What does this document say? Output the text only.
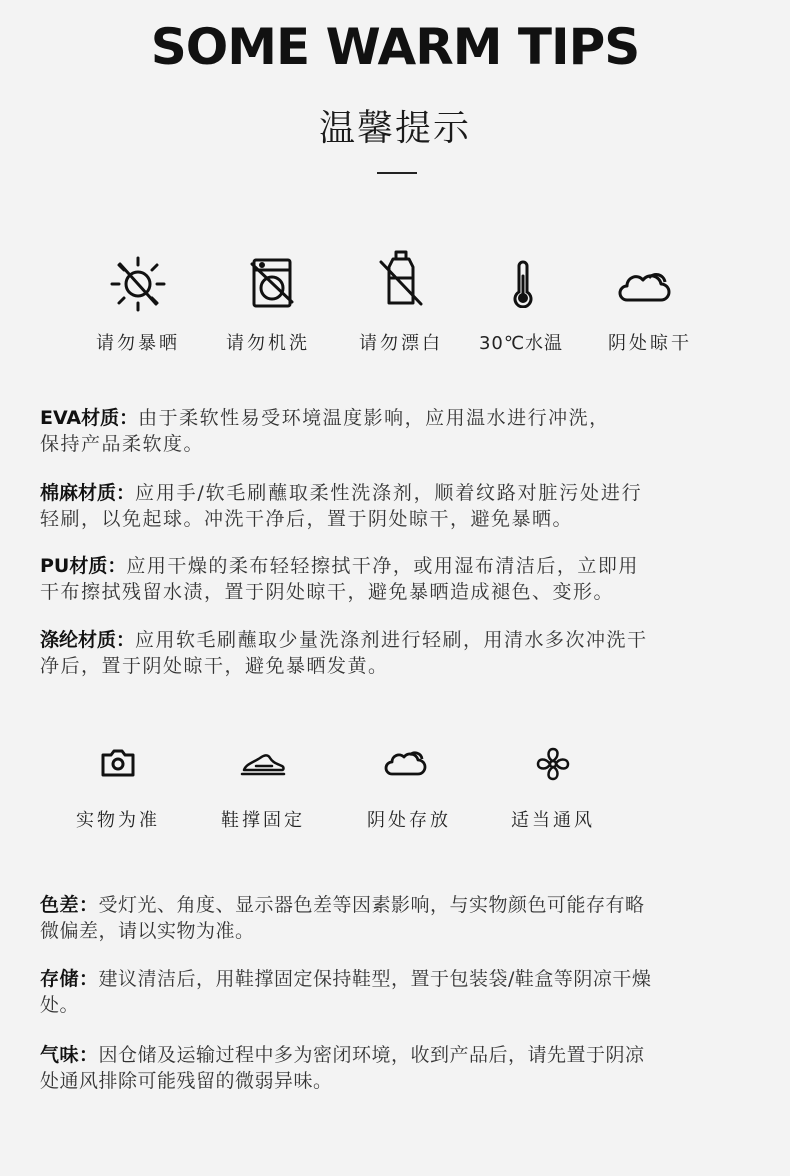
SOME WARM TIPS
温馨提示
请勿暴晒	请勿机洗	请勿漂白	30℃水温	阴处晾干
EVA材质：由于柔软性易受环境温度影响，应用温水进行冲洗，
保持产品柔软度。
棉麻材质：应用手/软毛刷蘸取柔性洗涤剂，顺着纹路对脏污处进行
轻刷，以免起球。冲洗干净后，置于阴处晾干，避免暴晒。
PU材质：应用干燥的柔布轻轻擦拭干净，或用湿布清洁后，立即用
干布擦拭残留水渍，置于阴处晾干，避免暴晒造成褪色、变形。
涤纶材质：应用软毛刷蘸取少量洗涤剂进行轻刷，用清水多次冲洗干
净后，置于阴处晾干，避免暴晒发黄。
实物为准	鞋撑固定	阴处存放	适当通风
色差：受灯光、角度、显示器色差等因素影响，与实物颜色可能存有略
微偏差，请以实物为准。
存储：建议清洁后，用鞋撑固定保持鞋型，置于包装袋/鞋盒等阴凉干燥
处。
气味：因仓储及运输过程中多为密闭环境，收到产品后，请先置于阴凉
处通风排除可能残留的微弱异味。
